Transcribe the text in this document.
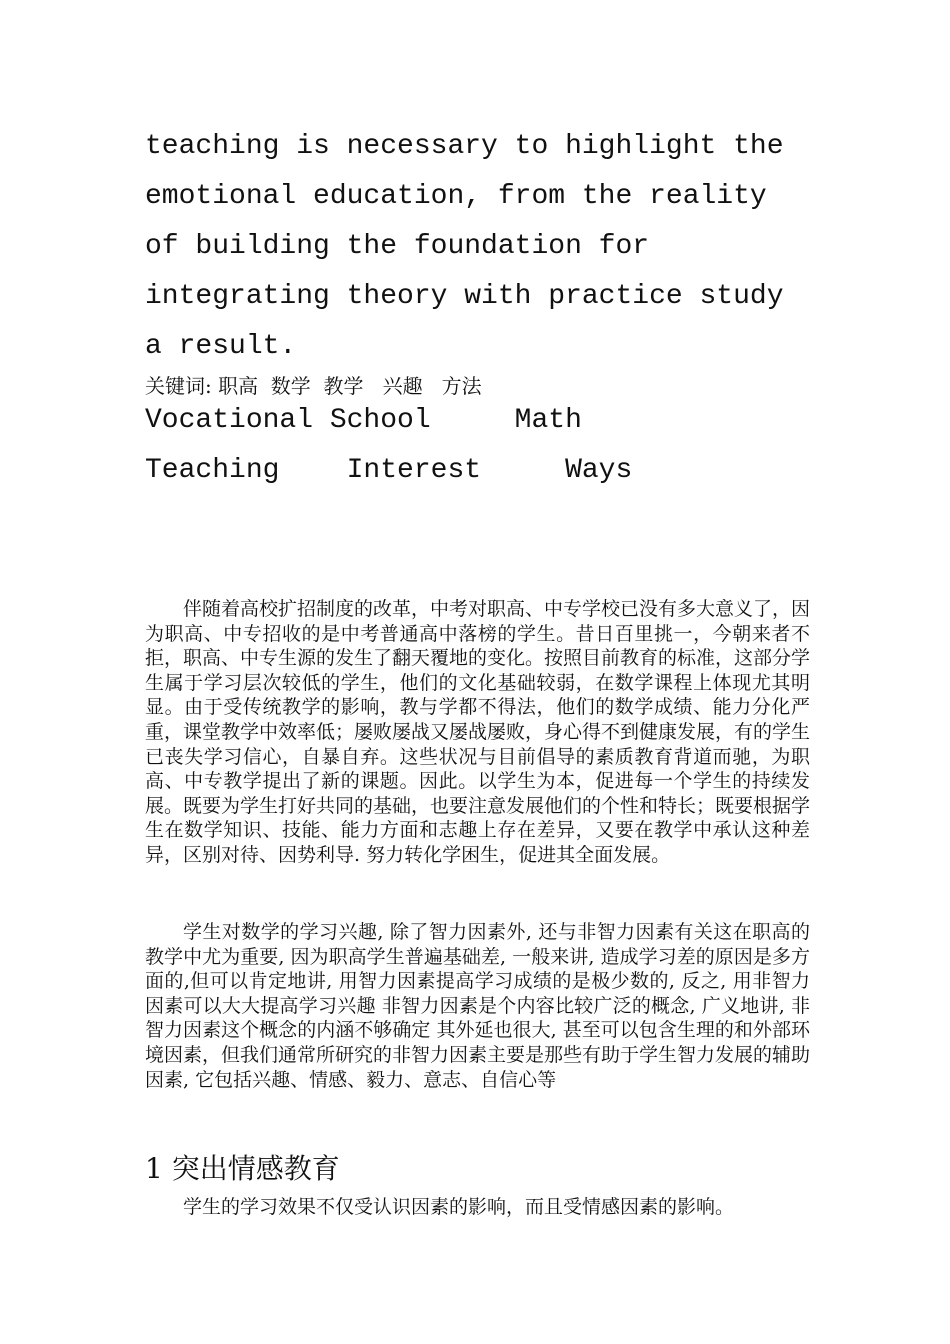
teaching is necessary to highlight the
emotional education, from the reality
of building the foundation for
integrating theory with practice study
a result.
关键词: 职高  数学  教学   兴趣   方法
Vocational School     Math
Teaching    Interest     Ways

伴随着高校扩招制度的改革，中考对职高、中专学校已没有多大意义了，因为职高、中专招收的是中考普通高中落榜的学生。昔日百里挑一，今朝来者不拒，职高、中专生源的发生了翻天覆地的变化。按照目前教育的标准，这部分学生属于学习层次较低的学生，他们的文化基础较弱，在数学课程上体现尤其明显。由于受传统教学的影响，教与学都不得法，他们的数学成绩、能力分化严重，课堂教学中效率低；屡败屡战又屡战屡败，身心得不到健康发展，有的学生已丧失学习信心，自暴自弃。这些状况与目前倡导的素质教育背道而驰，为职高、中专教学提出了新的课题。因此。以学生为本，促进每一个学生的持续发展。既要为学生打好共同的基础，也要注意发展他们的个性和特长；既要根据学生在数学知识、技能、能力方面和志趣上存在差异，又要在教学中承认这种差异，区别对待、因势利导. 努力转化学困生，促进其全面发展。

学生对数学的学习兴趣, 除了智力因素外, 还与非智力因素有关这在职高的教学中尤为重要, 因为职高学生普遍基础差, 一般来讲, 造成学习差的原因是多方面的,但可以肯定地讲, 用智力因素提高学习成绩的是极少数的, 反之, 用非智力因素可以大大提高学习兴趣 非智力因素是个内容比较广泛的概念, 广义地讲, 非智力因素这个概念的内涵不够确定 其外延也很大, 甚至可以包含生理的和外部环境因素，但我们通常所研究的非智力因素主要是那些有助于学生智力发展的辅助因素, 它包括兴趣、情感、毅力、意志、自信心等

1 突出情感教育

学生的学习效果不仅受认识因素的影响，而且受情感因素的影响。
